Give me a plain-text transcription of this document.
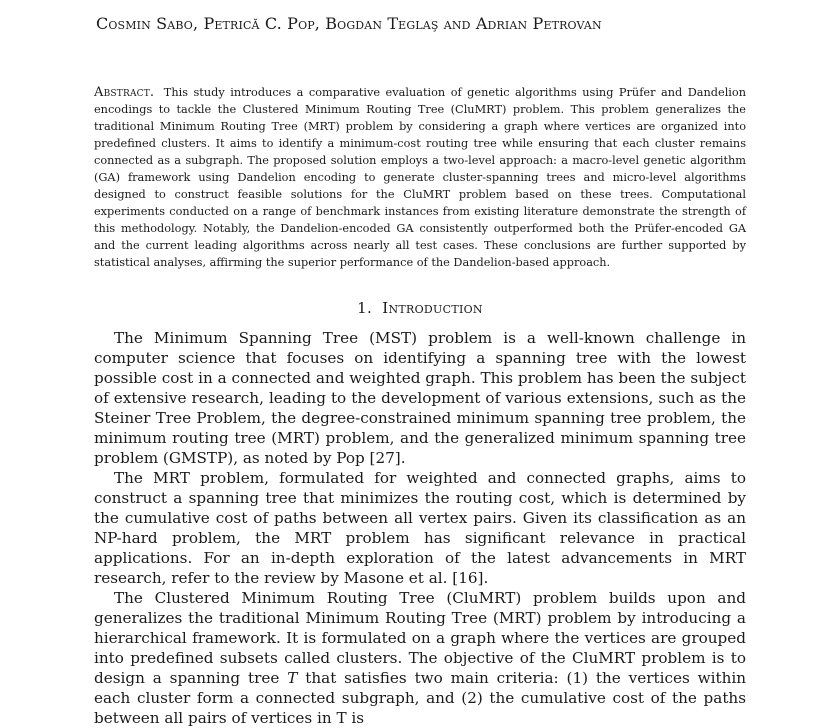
Cosmin Sabo, Petrică C. Pop, Bogdan Teglaş and Adrian Petrovan

Abstract. This study introduces a comparative evaluation of genetic algorithms using Prüfer and Dandelion encodings to tackle the Clustered Minimum Routing Tree (CluMRT) problem. This problem generalizes the traditional Minimum Routing Tree (MRT) problem by considering a graph where vertices are organized into predefined clusters. It aims to identify a minimum-cost routing tree while ensuring that each cluster remains connected as a subgraph. The proposed solution employs a two-level approach: a macro-level genetic algorithm (GA) framework using Dandelion encoding to generate cluster-spanning trees and micro-level algorithms designed to construct feasible solutions for the CluMRT problem based on these trees. Computational experiments conducted on a range of benchmark instances from existing literature demonstrate the strength of this methodology. Notably, the Dandelion-encoded GA consistently outperformed both the Prüfer-encoded GA and the current leading algorithms across nearly all test cases. These conclusions are further supported by statistical analyses, affirming the superior performance of the Dandelion-based approach.

1. Introduction

The Minimum Spanning Tree (MST) problem is a well-known challenge in computer science that focuses on identifying a spanning tree with the lowest possible cost in a connected and weighted graph. This problem has been the subject of extensive research, leading to the development of various extensions, such as the Steiner Tree Problem, the degree-constrained minimum spanning tree problem, the minimum routing tree (MRT) problem, and the generalized minimum spanning tree problem (GMSTP), as noted by Pop [27].

The MRT problem, formulated for weighted and connected graphs, aims to construct a spanning tree that minimizes the routing cost, which is determined by the cumulative cost of paths between all vertex pairs. Given its classification as an NP-hard problem, the MRT problem has significant relevance in practical applications. For an in-depth exploration of the latest advancements in MRT research, refer to the review by Masone et al. [16].

The Clustered Minimum Routing Tree (CluMRT) problem builds upon and generalizes the traditional Minimum Routing Tree (MRT) problem by introducing a hierarchical framework. It is formulated on a graph where the vertices are grouped into predefined subsets called clusters. The objective of the CluMRT problem is to design a spanning tree T that satisfies two main criteria: (1) the vertices within each cluster form a connected subgraph, and (2) the cumulative cost of the paths between all pairs of vertices in T is
